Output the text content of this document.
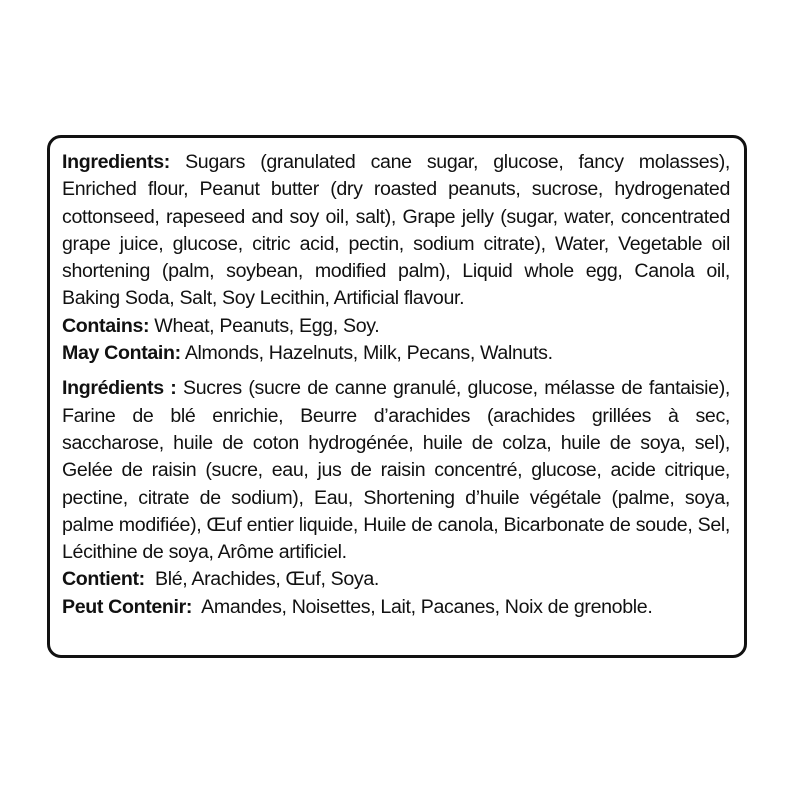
Ingredients: Sugars (granulated cane sugar, glucose, fancy molasses), Enriched flour, Peanut butter (dry roasted peanuts, sucrose, hydrogenated cottonseed, rapeseed and soy oil, salt), Grape jelly (sugar, water, concentrated grape juice, glucose, citric acid, pectin, sodium citrate), Water, Vegetable oil shortening (palm, soybean, modified palm), Liquid whole egg, Canola oil, Baking Soda, Salt, Soy Lecithin, Artificial flavour.

Contains: Wheat, Peanuts, Egg, Soy.

May Contain: Almonds, Hazelnuts, Milk, Pecans, Walnuts.

Ingrédients : Sucres (sucre de canne granulé, glucose, mélasse de fantaisie), Farine de blé enrichie, Beurre d’arachides (arachides grillées à sec, saccharose, huile de coton hydrogénée, huile de colza, huile de soya, sel), Gelée de raisin (sucre, eau, jus de raisin concentré, glucose, acide citrique, pectine, citrate de sodium), Eau, Shortening d’huile végétale (palme, soya, palme modifiée), Œuf entier liquide, Huile de canola, Bicarbonate de soude, Sel, Lécithine de soya, Arôme artificiel.

Contient:  Blé, Arachides, Œuf, Soya.

Peut Contenir:  Amandes, Noisettes, Lait, Pacanes, Noix de grenoble.
